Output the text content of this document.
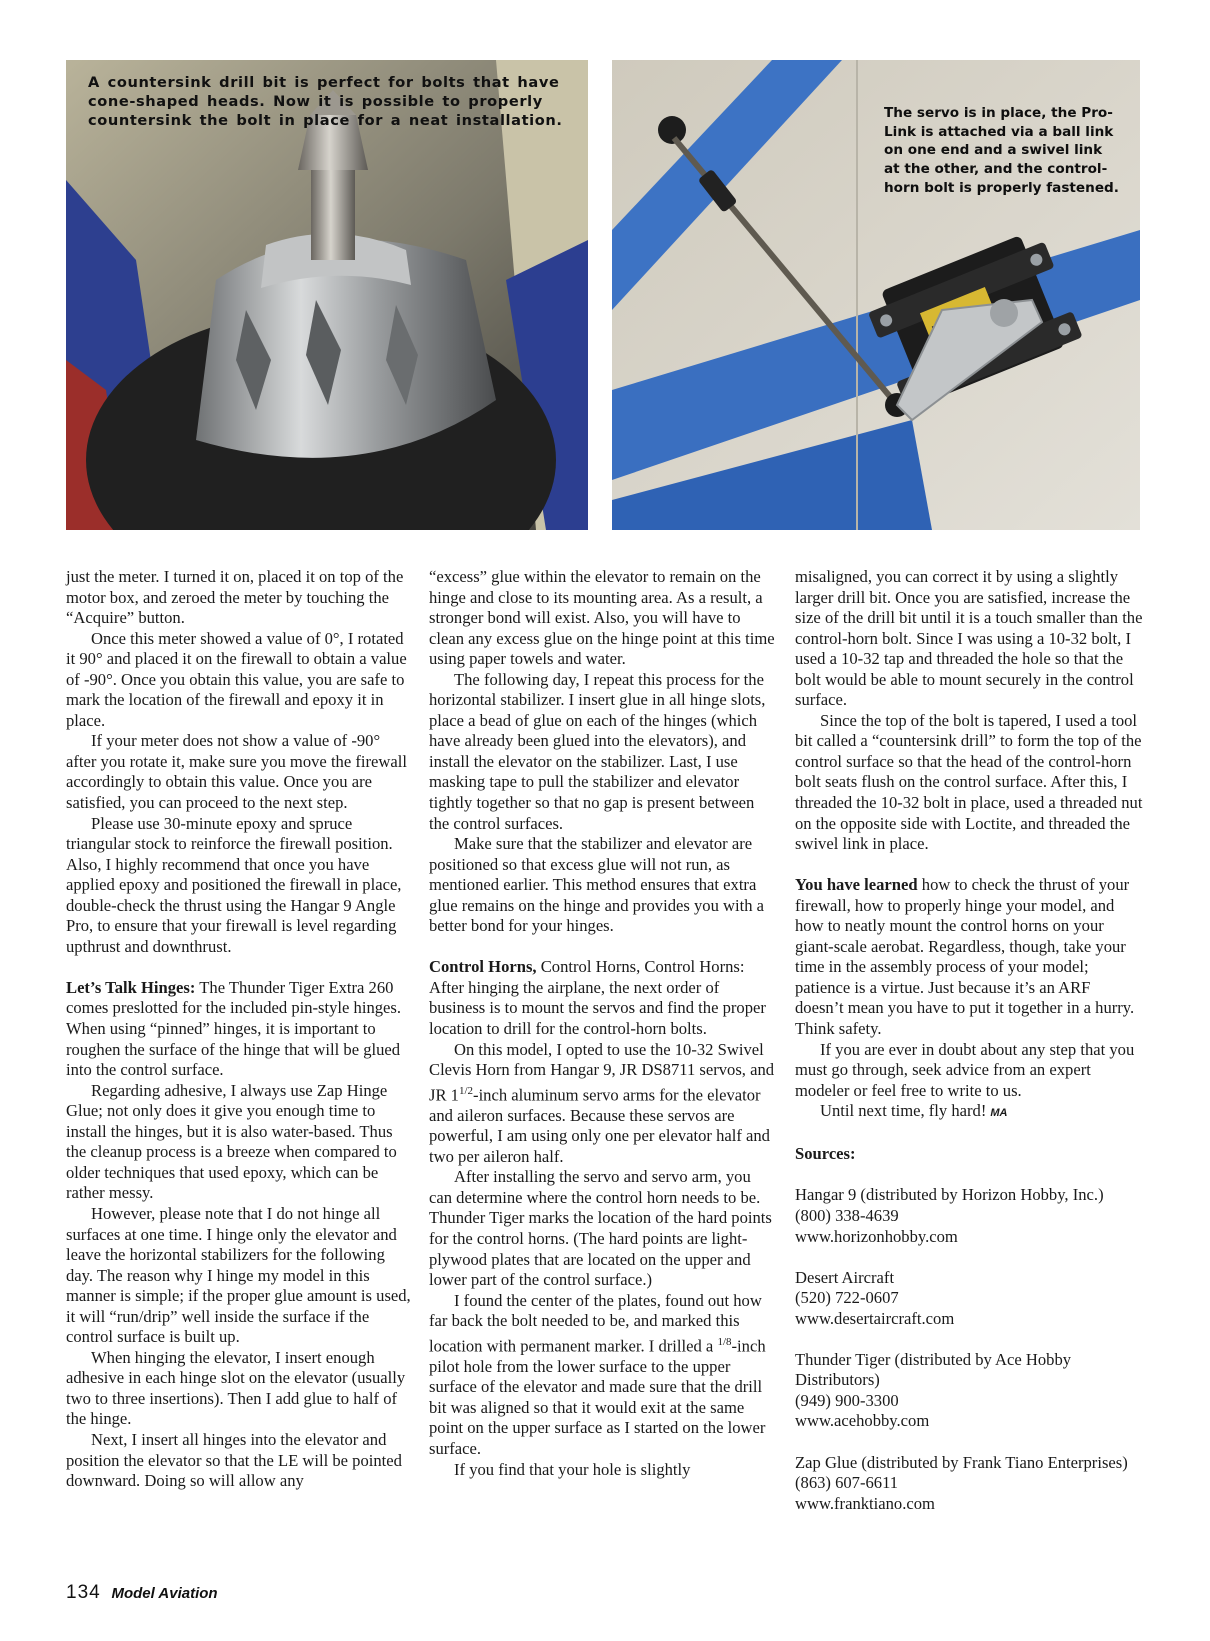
A countersink drill bit is perfect for bolts that have cone-shaped heads. Now it is possible to properly countersink the bolt in place for a neat installation.	The servo is in place, the Pro-Link is attached via a ball link on one end and a swivel link at the other, and the control-horn bolt is properly fastened.

just the meter. I turned it on, placed it on top of the motor box, and zeroed the meter by touching the “Acquire” button.

Once this meter showed a value of 0°, I rotated it 90° and placed it on the firewall to obtain a value of -90°. Once you obtain this value, you are safe to mark the location of the firewall and epoxy it in place.

If your meter does not show a value of -90° after you rotate it, make sure you move the firewall accordingly to obtain this value. Once you are satisfied, you can proceed to the next step.

Please use 30-minute epoxy and spruce triangular stock to reinforce the firewall position. Also, I highly recommend that once you have applied epoxy and positioned the firewall in place, double-check the thrust using the Hangar 9 Angle Pro, to ensure that your firewall is level regarding upthrust and downthrust.

Let’s Talk Hinges: The Thunder Tiger Extra 260 comes preslotted for the included pin-style hinges. When using “pinned” hinges, it is important to roughen the surface of the hinge that will be glued into the control surface.

Regarding adhesive, I always use Zap Hinge Glue; not only does it give you enough time to install the hinges, but it is also water-based. Thus the cleanup process is a breeze when compared to older techniques that used epoxy, which can be rather messy.

However, please note that I do not hinge all surfaces at one time. I hinge only the elevator and leave the horizontal stabilizers for the following day. The reason why I hinge my model in this manner is simple; if the proper glue amount is used, it will “run/drip” well inside the surface if the control surface is built up.

When hinging the elevator, I insert enough adhesive in each hinge slot on the elevator (usually two to three insertions). Then I add glue to half of the hinge.

Next, I insert all hinges into the elevator and position the elevator so that the LE will be pointed downward. Doing so will allow any

“excess” glue within the elevator to remain on the hinge and close to its mounting area. As a result, a stronger bond will exist. Also, you will have to clean any excess glue on the hinge point at this time using paper towels and water.

The following day, I repeat this process for the horizontal stabilizer. I insert glue in all hinge slots, place a bead of glue on each of the hinges (which have already been glued into the elevators), and install the elevator on the stabilizer. Last, I use masking tape to pull the stabilizer and elevator tightly together so that no gap is present between the control surfaces.

Make sure that the stabilizer and elevator are positioned so that excess glue will not run, as mentioned earlier. This method ensures that extra glue remains on the hinge and provides you with a better bond for your hinges.

Control Horns, Control Horns, Control Horns: After hinging the airplane, the next order of business is to mount the servos and find the proper location to drill for the control-horn bolts.

On this model, I opted to use the 10-32 Swivel Clevis Horn from Hangar 9, JR DS8711 servos, and JR $1^{1/2}$-inch aluminum servo arms for the elevator and aileron surfaces. Because these servos are powerful, I am using only one per elevator half and two per aileron half.

After installing the servo and servo arm, you can determine where the control horn needs to be. Thunder Tiger marks the location of the hard points for the control horns. (The hard points are light-plywood plates that are located on the upper and lower part of the control surface.)

I found the center of the plates, found out how far back the bolt needed to be, and marked this location with permanent marker. I drilled a $^{1/8}$-inch pilot hole from the lower surface to the upper surface of the elevator and made sure that the drill bit was aligned so that it would exit at the same point on the upper surface as I started on the lower surface.

If you find that your hole is slightly

misaligned, you can correct it by using a slightly larger drill bit. Once you are satisfied, increase the size of the drill bit until it is a touch smaller than the control-horn bolt. Since I was using a 10-32 bolt, I used a 10-32 tap and threaded the hole so that the bolt would be able to mount securely in the control surface.

Since the top of the bolt is tapered, I used a tool bit called a “countersink drill” to form the top of the control surface so that the head of the control-horn bolt seats flush on the control surface. After this, I threaded the 10-32 bolt in place, used a threaded nut on the opposite side with Loctite, and threaded the swivel link in place.

You have learned how to check the thrust of your firewall, how to properly hinge your model, and how to neatly mount the control horns on your giant-scale aerobat. Regardless, though, take your time in the assembly process of your model; patience is a virtue. Just because it’s an ARF doesn’t mean you have to put it together in a hurry. Think safety.

If you are ever in doubt about any step that you must go through, seek advice from an expert modeler or feel free to write to us.

Until next time, fly hard! MA

Sources:

Hangar 9 (distributed by Horizon Hobby, Inc.)

(800) 338-4639

www.horizonhobby.com

Desert Aircraft

(520) 722-0607

www.desertaircraft.com

Thunder Tiger (distributed by Ace Hobby Distributors)

(949) 900-3300

www.acehobby.com

Zap Glue (distributed by Frank Tiano Enterprises)

(863) 607-6611

www.franktiano.com

134 Model Aviation
